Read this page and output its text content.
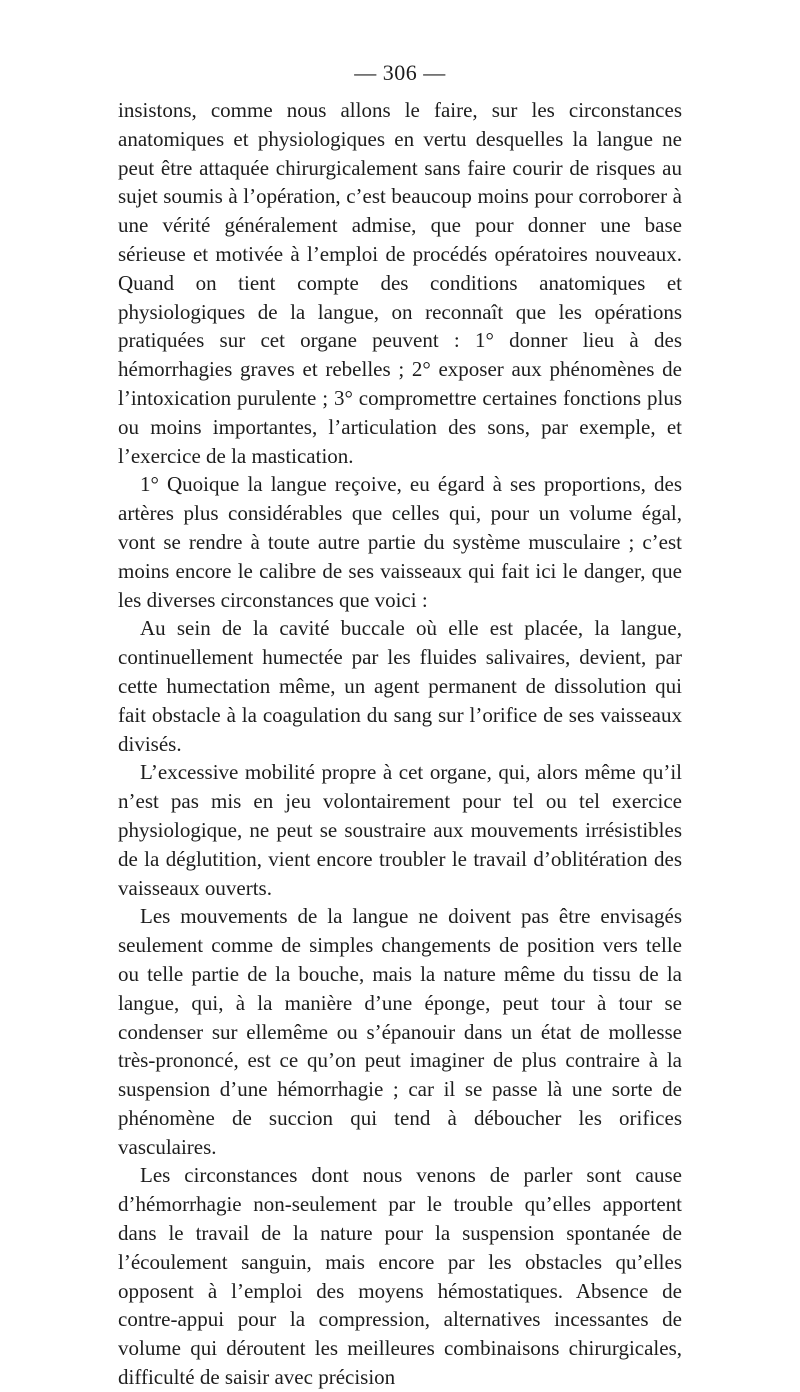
— 306 —

insistons, comme nous allons le faire, sur les circonstances anatomiques et physiologiques en vertu desquelles la langue ne peut être attaquée chirurgicalement sans faire courir de risques au sujet soumis à l’opération, c’est beaucoup moins pour corroborer à une vérité généralement admise, que pour donner une base sérieuse et motivée à l’emploi de procédés opératoires nouveaux. Quand on tient compte des conditions anatomiques et physiologiques de la langue, on reconnaît que les opérations pratiquées sur cet organe peuvent : 1° donner lieu à des hémorrhagies graves et rebelles ; 2° exposer aux phénomènes de l’intoxication purulente ; 3° compromettre certaines fonctions plus ou moins importantes, l’articulation des sons, par exemple, et l’exercice de la mastication.

1° Quoique la langue reçoive, eu égard à ses proportions, des artères plus considérables que celles qui, pour un volume égal, vont se rendre à toute autre partie du système musculaire ; c’est moins encore le calibre de ses vaisseaux qui fait ici le danger, que les diverses circonstances que voici :

Au sein de la cavité buccale où elle est placée, la langue, continuellement humectée par les fluides salivaires, devient, par cette humectation même, un agent permanent de dissolution qui fait obstacle à la coagulation du sang sur l’orifice de ses vaisseaux divisés.

L’excessive mobilité propre à cet organe, qui, alors même qu’il n’est pas mis en jeu volontairement pour tel ou tel exercice physiologique, ne peut se soustraire aux mouvements irrésistibles de la déglutition, vient encore troubler le travail d’oblitération des vaisseaux ouverts.

Les mouvements de la langue ne doivent pas être envisagés seulement comme de simples changements de position vers telle ou telle partie de la bouche, mais la nature même du tissu de la langue, qui, à la manière d’une éponge, peut tour à tour se condenser sur ellemême ou s’épanouir dans un état de mollesse très-prononcé, est ce qu’on peut imaginer de plus contraire à la suspension d’une hémorrhagie ; car il se passe là une sorte de phénomène de succion qui tend à déboucher les orifices vasculaires.

Les circonstances dont nous venons de parler sont cause d’hémorrhagie non-seulement par le trouble qu’elles apportent dans le travail de la nature pour la suspension spontanée de l’écoulement sanguin, mais encore par les obstacles qu’elles opposent à l’emploi des moyens hémostatiques. Absence de contre-appui pour la compression, alternatives incessantes de volume qui déroutent les meilleures combinaisons chirurgicales, difficulté de saisir avec précision
